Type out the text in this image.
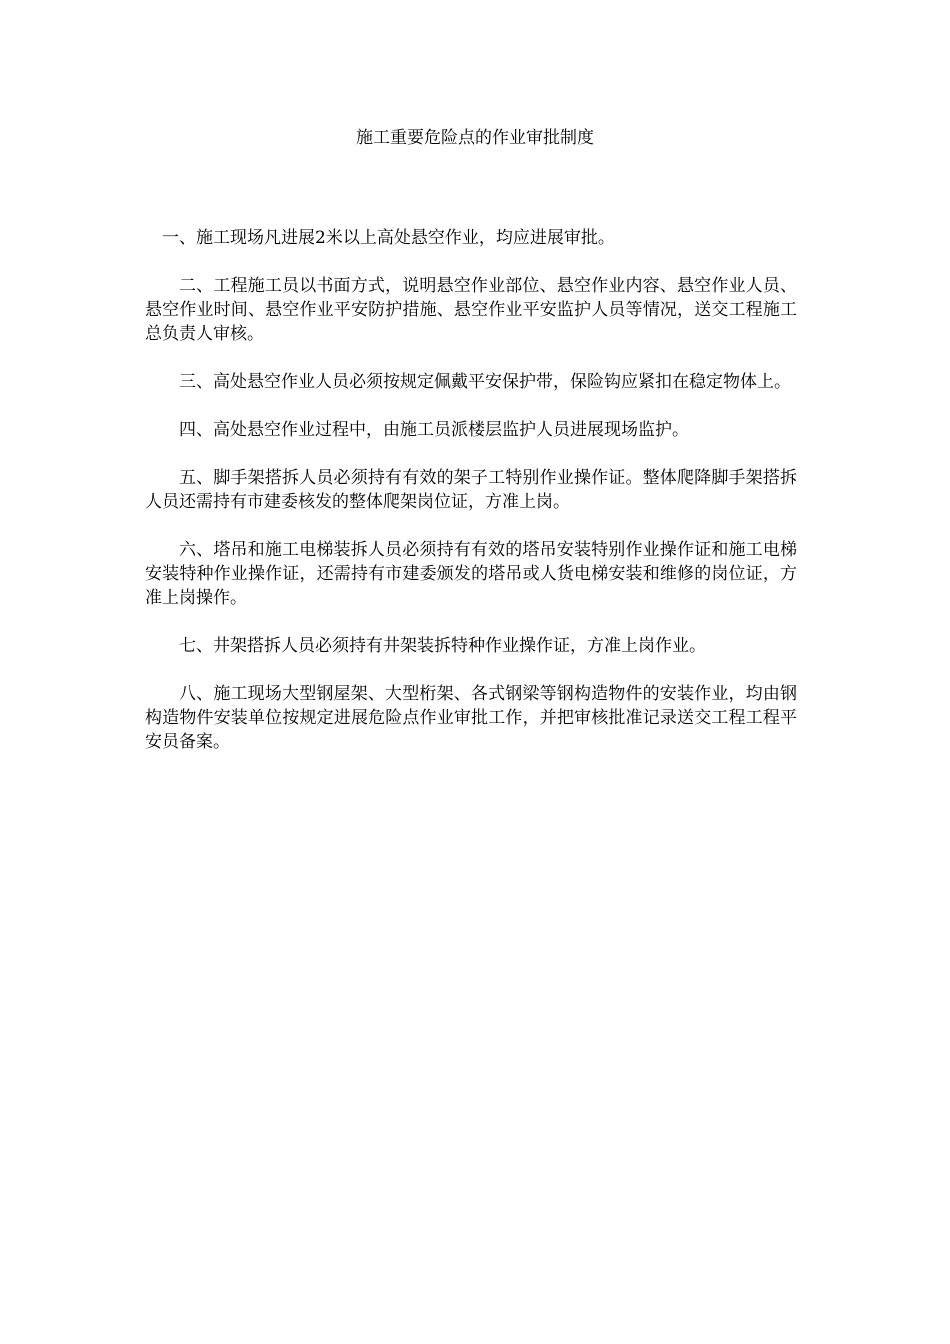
施工重要危险点的作业审批制度

一、施工现场凡进展2米以上高处悬空作业，均应进展审批。

二、工程施工员以书面方式，说明悬空作业部位、悬空作业内容、悬空作业人员、悬空作业时间、悬空作业平安防护措施、悬空作业平安监护人员等情况，送交工程施工总负责人审核。

三、高处悬空作业人员必须按规定佩戴平安保护带，保险钩应紧扣在稳定物体上。

四、高处悬空作业过程中，由施工员派楼层监护人员进展现场监护。

五、脚手架搭拆人员必须持有有效的架子工特别作业操作证。整体爬降脚手架搭拆人员还需持有市建委核发的整体爬架岗位证，方准上岗。

六、塔吊和施工电梯装拆人员必须持有有效的塔吊安装特别作业操作证和施工电梯安装特种作业操作证，还需持有市建委颁发的塔吊或人货电梯安装和维修的岗位证，方准上岗操作。

七、井架搭拆人员必须持有井架装拆特种作业操作证，方准上岗作业。

八、施工现场大型钢屋架、大型桁架、各式钢梁等钢构造物件的安装作业，均由钢构造物件安装单位按规定进展危险点作业审批工作，并把审核批准记录送交工程工程平安员备案。
